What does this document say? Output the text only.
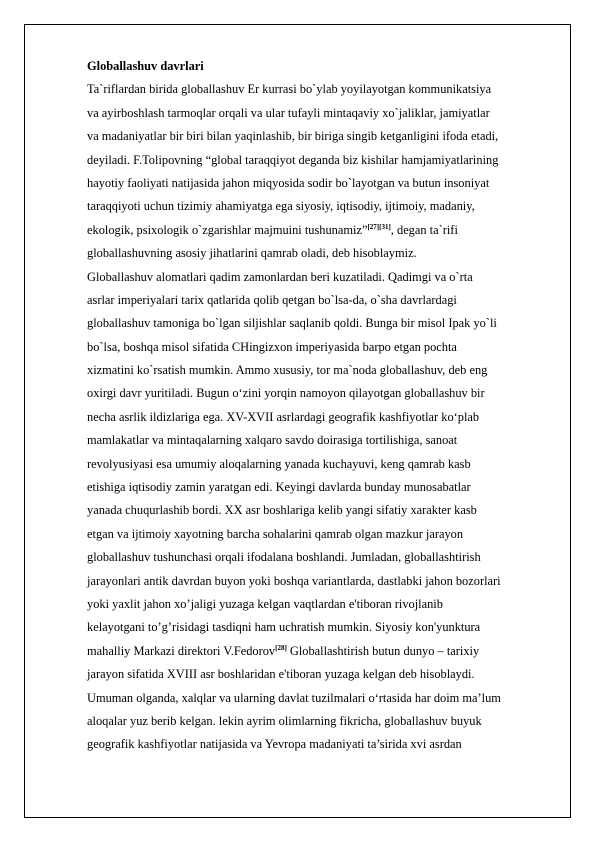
Globallashuv davrlari
Ta`riflardan birida globallashuv Er kurrasi bo`ylab yoyilayotgan kommunikatsiya
va ayirboshlash tarmoqlar orqali va ular tufayli mintaqaviy xo`jaliklar, jamiyatlar
va madaniyatlar bir biri bilan yaqinlashib, bir biriga singib ketganligini ifoda etadi,
deyiladi. F.Tolipovning “global taraqqiyot deganda biz kishilar hamjamiyatlarining
hayotiy faoliyati natijasida jahon miqyosida sodir bo`layotgan va butun insoniyat
taraqqiyoti uchun tizimiy ahamiyatga ega siyosiy, iqtisodiy, ijtimoiy, madaniy,
ekologik, psixologik o`zgarishlar majmuini tushunamiz”[27][31], degan ta`rifi
globallashuvning asosiy jihatlarini qamrab oladi, deb hisoblaymiz.
Globallashuv alomatlari qadim zamonlardan beri kuzatiladi. Qadimgi va o`rta
asrlar imperiyalari tarix qatlarida qolib qetgan bo`lsa-da, o`sha davrlardagi
globallashuv tamoniga bo`lgan siljishlar saqlanib qoldi. Bunga bir misol Ipak yo`li
bo`lsa, boshqa misol sifatida CHingizxon imperiyasida barpo etgan pochta
xizmatini ko`rsatish mumkin. Ammo xususiy, tor ma`noda globallashuv, deb eng
oxirgi davr yuritiladi. Bugun o‘zini yorqin namoyon qilayotgan globallashuv bir
necha asrlik ildizlariga ega. XV-XVII asrlardagi geografik kashfiyotlar ko‘plab
mamlakatlar va mintaqalarning xalqaro savdo doirasiga tortilishiga, sanoat
revolyusiyasi esa umumiy aloqalarning yanada kuchayuvi, keng qamrab kasb
etishiga iqtisodiy zamin yaratgan edi. Keyingi davlarda bunday munosabatlar
yanada chuqurlashib bordi. XX asr boshlariga kelib yangi sifatiy xarakter kasb
etgan va ijtimoiy xayotning barcha sohalarini qamrab olgan mazkur jarayon
globallashuv tushunchasi orqali ifodalana boshlandi. Jumladan, globallashtirish
jarayonlari antik davrdan buyon yoki boshqa variantlarda, dastlabki jahon bozorlari
yoki yaxlit jahon xo’jaligi yuzaga kelgan vaqtlardan e'tiboran rivojlanib
kelayotgani to’g’risidagi tasdiqni ham uchratish mumkin. Siyosiy kon'yunktura
mahalliy Markazi direktori V.Fedorov[28] Globallashtirish butun dunyo – tarixiy
jarayon sifatida XVIII asr boshlaridan e'tiboran yuzaga kelgan deb hisoblaydi.
Umuman olganda, xalqlar va ularning davlat tuzilmalari o‘rtasida har doim ma’lum
aloqalar yuz berib kelgan. lekin ayrim olimlarning fikricha, globallashuv buyuk
geografik kashfiyotlar natijasida va Yevropa madaniyati ta’sirida xvi asrdan
